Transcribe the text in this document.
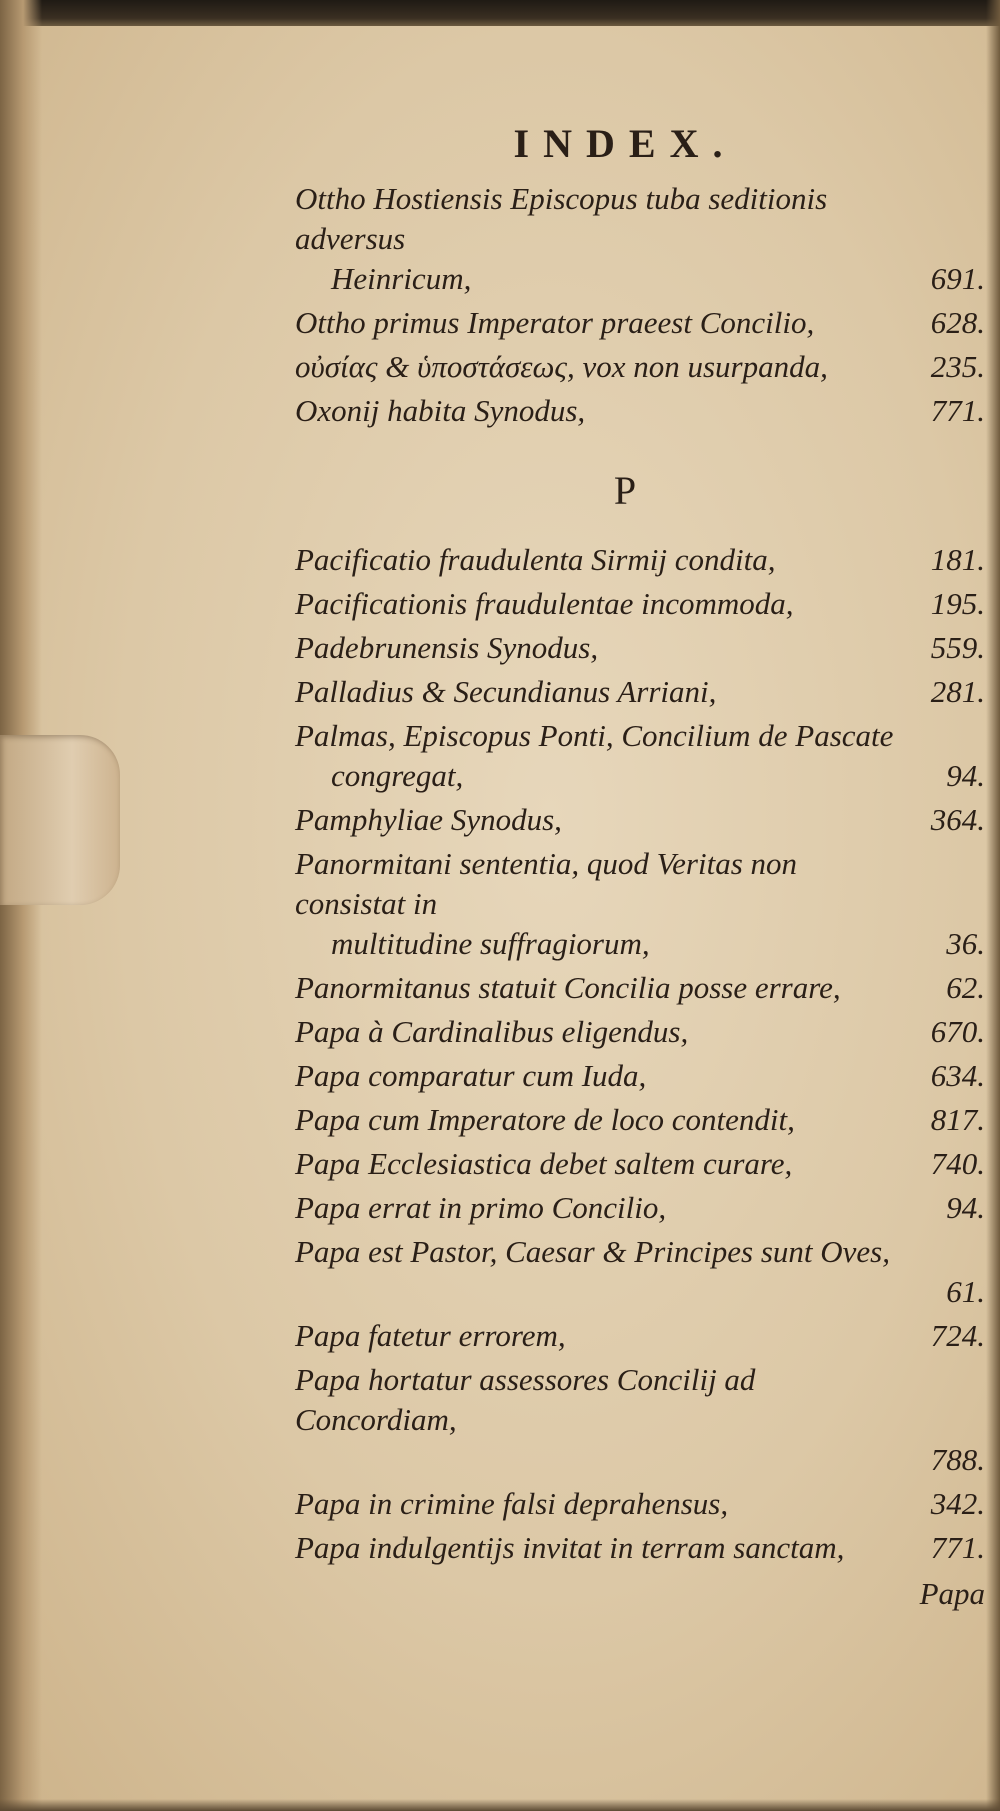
INDEX.
Ottho Hostiensis Episcopus tuba seditionis adversus
Heinricum,	691.
Ottho primus Imperator praeest Concilio,	628.
οὐσίας & ὑποστάσεως, vox non usurpanda,	235.
Oxonij habita Synodus,	771.
P
Pacificatio fraudulenta Sirmij condita,	181.
Pacificationis fraudulentae incommoda,	195.
Padebrunensis Synodus,	559.
Palladius & Secundianus Arriani,	281.
Palmas, Episcopus Ponti, Concilium de Pascate
congregat,	94.
Pamphyliae Synodus,	364.
Panormitani sententia, quod Veritas non consistat in
multitudine suffragiorum,	36.
Panormitanus statuit Concilia posse errare,	62.
Papa à Cardinalibus eligendus,	670.
Papa comparatur cum Iuda,	634.
Papa cum Imperatore de loco contendit,	817.
Papa Ecclesiastica debet saltem curare,	740.
Papa errat in primo Concilio,	94.
Papa est Pastor, Caesar & Principes sunt Oves,
61.
Papa fatetur errorem,	724.
Papa hortatur assessores Concilij ad Concordiam,
788.
Papa in crimine falsi deprahensus,	342.
Papa indulgentijs invitat in terram sanctam,	771.
Papa
